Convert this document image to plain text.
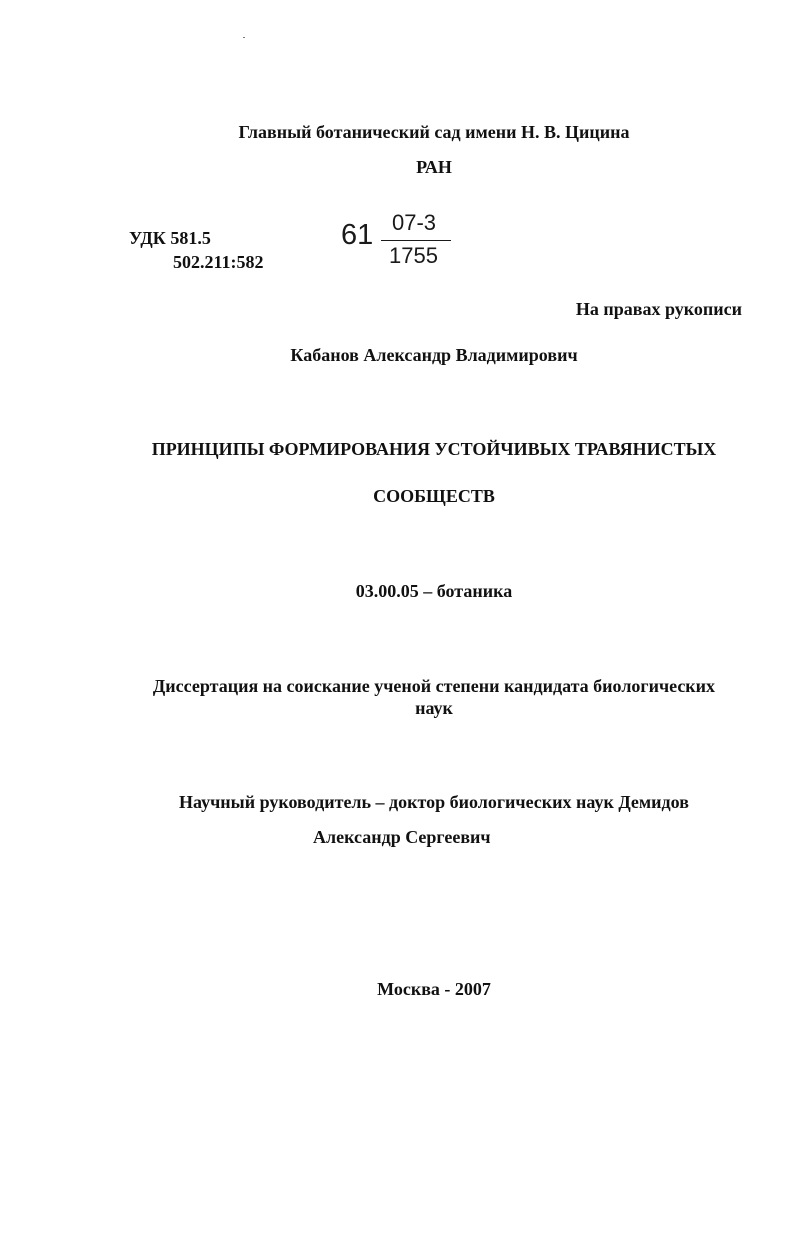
Главный ботанический сад имени Н. В. Цицина
РАН
УДК 581.5
502.211:582
61 07-3
1755
На правах рукописи
Кабанов Александр Владимирович
ПРИНЦИПЫ ФОРМИРОВАНИЯ УСТОЙЧИВЫХ ТРАВЯНИСТЫХ
СООБЩЕСТВ
03.00.05 – ботаника
Диссертация на соискание ученой степени кандидата биологических
наук
Научный руководитель – доктор биологических наук Демидов
Александр Сергеевич
Москва - 2007
